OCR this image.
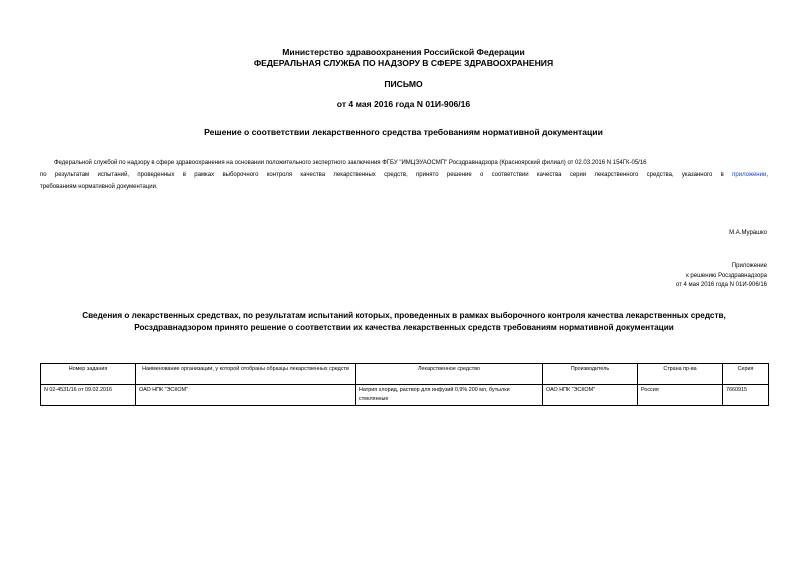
Министерство здравоохранения Российской Федерации
ФЕДЕРАЛЬНАЯ СЛУЖБА ПО НАДЗОРУ В СФЕРЕ ЗДРАВООХРАНЕНИЯ
ПИСЬМО
от 4 мая 2016 года N 01И-906/16
Решение о соответствии лекарственного средства требованиям нормативной документации
Федеральной службой по надзору в сфере здравоохранения на основании положительного экспертного заключения ФГБУ "ИМЦЭУАОСМП" Росздравнадзора (Красноярский филиал) от 02.03.2016 N 154ГК-05/16
по результатам испытаний, проведенных в рамках выборочного контроля качества лекарственных средств, принято решение о соответствии качества серии лекарственного средства, указанного в приложении,
требованиям нормативной документации.
М.А.Мурашко
Приложение
к решению Росздравнадзора
от 4 мая 2016 года N 01И-906/16
Сведения о лекарственных средствах, по результатам испытаний которых, проведенных в рамках выборочного контроля качества лекарственных средств,
Росздравнадзором принято решение о соответствии их качества лекарственных средств требованиям нормативной документации
Номер задания	Наименование организации, у которой отобраны образцы лекарственных средств	Лекарственное средство	Производитель	Страна пр-ва	Серия
N 02-4531/16 от 09.02.2016	ОАО НПК "ЭСКОМ"	Натрия хлорид, раствор для инфузий 0,9% 200 мл, бутылки стеклянные	ОАО НПК "ЭСКОМ"	Россия	7660915
